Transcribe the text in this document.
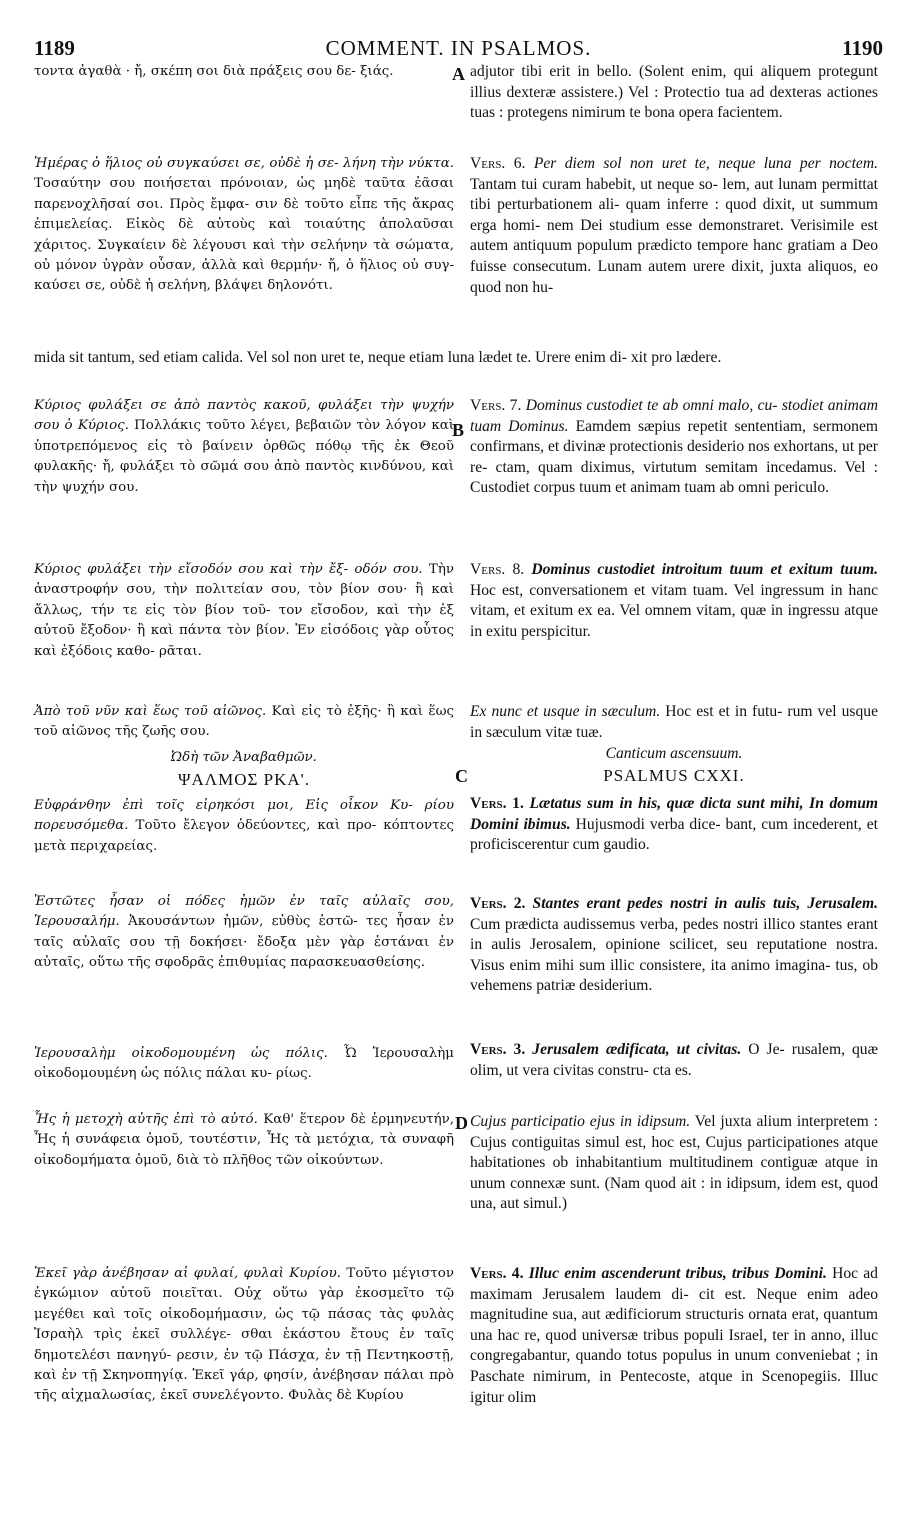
1189	COMMENT. IN PSALMOS.	1190
A
B
C
D
τοντα ἀγαθὰ · ἤ, σκέπη σοι διὰ πράξεις σου δε- ξιάς.
Ἡμέρας ὁ ἥλιος οὐ συγκαύσει σε, οὐδὲ ἡ σε- λήνη τὴν νύκτα. Τοσαύτην σου ποιήσεται πρόνοιαν, ὡς μηδὲ ταῦτα ἐᾶσαι παρενοχλῆσαί σοι. Πρὸς ἔμφα- σιν δὲ τοῦτο εἶπε τῆς ἄκρας ἐπιμελείας. Εἰκὸς δὲ αὐτοὺς καὶ τοιαύτης ἀπολαῦσαι χάριτος. Συγκαίειν δὲ λέγουσι καὶ τὴν σελήνην τὰ σώματα, οὐ μόνον ὑγρὰν οὖσαν, ἀλλὰ καὶ θερμήν· ἤ, ὁ ἥλιος οὐ συγ- καύσει σε, οὐδὲ ἡ σελήνη, βλάψει δηλονότι.
Κύριος φυλάξει σε ἀπὸ παντὸς κακοῦ, φυλάξει τὴν ψυχήν σου ὁ Κύριος. Πολλάκις τοῦτο λέγει, βεβαιῶν τὸν λόγον καὶ ὑποτρεπόμενος εἰς τὸ βαίνειν ὀρθῶς πόθῳ τῆς ἐκ Θεοῦ φυλακῆς· ἤ, φυλάξει τὸ σῶμά σου ἀπὸ παντὸς κινδύνου, καὶ τὴν ψυχήν σου.
Κύριος φυλάξει τὴν εἴσοδόν σου καὶ τὴν ἔξ- οδόν σου. Τὴν ἀναστροφήν σου, τὴν πολιτείαν σου, τὸν βίον σου· ἢ καὶ ἄλλως, τήν τε εἰς τὸν βίον τοῦ- τον εἴσοδον, καὶ τὴν ἐξ αὐτοῦ ἔξοδον· ἢ καὶ πάντα τὸν βίον. Ἐν εἰσόδοις γὰρ οὗτος καὶ ἐξόδοις καθο- ρᾶται.
Ἀπὸ τοῦ νῦν καὶ ἕως τοῦ αἰῶνος. Καὶ εἰς τὸ ἐξῆς· ἢ καὶ ἕως τοῦ αἰῶνος τῆς ζωῆς σου.
Ὠδὴ τῶν Ἀναβαθμῶν.
ΨΑΛΜΟΣ ΡΚΑ'.
Εὐφράνθην ἐπὶ τοῖς εἰρηκόσι μοι, Εἰς οἶκον Κυ- ρίου πορευσόμεθα. Τοῦτο ἔλεγον ὁδεύοντες, καὶ προ- κόπτοντες μετὰ περιχαρείας.
Ἑστῶτες ἦσαν οἱ πόδες ἡμῶν ἐν ταῖς αὐλαῖς σου, Ἱερουσαλήμ. Ἀκουσάντων ἡμῶν, εὐθὺς ἑστῶ- τες ἦσαν ἐν ταῖς αὐλαῖς σου τῇ δοκήσει· ἔδοξα μὲν γὰρ ἑστάναι ἐν αὐταῖς, οὕτω τῆς σφοδρᾶς ἐπιθυμίας παρασκευασθείσης.
Ἱερουσαλὴμ οἰκοδομουμένη ὡς πόλις. Ὦ Ἱερουσαλὴμ οἰκοδομουμένη ὡς πόλις πάλαι κυ- ρίως.
Ἧς ἡ μετοχὴ αὐτῆς ἐπὶ τὸ αὐτό. Καθ' ἕτερον δὲ ἑρμηνευτήν, Ἧς ἡ συνάφεια ὁμοῦ, τουτέστιν, Ἧς τὰ μετόχια, τὰ συναφῆ οἰκοδομήματα ὁμοῦ, διὰ τὸ πλῆθος τῶν οἰκούντων.
Ἐκεῖ γὰρ ἀνέβησαν αἱ φυλαί, φυλαὶ Κυρίου. Τοῦτο μέγιστον ἐγκώμιον αὐτοῦ ποιεῖται. Οὐχ οὕτω γὰρ ἐκοσμεῖτο τῷ μεγέθει καὶ τοῖς οἰκοδομήμασιν, ὡς τῷ πάσας τὰς φυλὰς Ἰσραὴλ τρὶς ἐκεῖ συλλέγε- σθαι ἑκάστου ἔτους ἐν ταῖς δημοτελέσι πανηγύ- ρεσιν, ἐν τῷ Πάσχα, ἐν τῇ Πεντηκοστῇ, καὶ ἐν τῇ Σκηνοπηγίᾳ. Ἐκεῖ γάρ, φησίν, ἀνέβησαν πάλαι πρὸ τῆς αἰχμαλωσίας, ἐκεῖ συνελέγοντο. Φυλὰς δὲ Κυρίου
adjutor tibi erit in bello. (Solent enim, qui aliquem protegunt illius dexteræ assistere.) Vel : Protectio tua ad dexteras actiones tuas : protegens nimirum te bona opera facientem.
Vers. 6. Per diem sol non uret te, neque luna per noctem. Tantam tui curam habebit, ut neque so- lem, aut lunam permittat tibi perturbationem ali- quam inferre : quod dixit, ut summum erga homi- nem Dei studium esse demonstraret. Verisimile est autem antiquum populum prædicto tempore hanc gratiam a Deo fuisse consecutum. Lunam autem urere dixit, juxta aliquos, eo quod non hu-
Vers. 7. Dominus custodiet te ab omni malo, cu- stodiet animam tuam Dominus. Eamdem sæpius repetit sententiam, sermonem confirmans, et divinæ protectionis desiderio nos exhortans, ut per re- ctam, quam diximus, virtutum semitam incedamus. Vel : Custodiet corpus tuum et animam tuam ab omni periculo.
Vers. 8. Dominus custodiet introitum tuum et exitum tuum. Hoc est, conversationem et vitam tuam. Vel ingressum in hanc vitam, et exitum ex ea. Vel omnem vitam, quæ in ingressu atque in exitu perspicitur.
Ex nunc et usque in sæculum. Hoc est et in futu- rum vel usque in sæculum vitæ tuæ.
Canticum ascensuum.
PSALMUS CXXI.
Vers. 1. Lætatus sum in his, quæ dicta sunt mihi, In domum Domini ibimus. Hujusmodi verba dice- bant, cum incederent, et proficiscerentur cum gaudio.
Vers. 2. Stantes erant pedes nostri in aulis tuis, Jerusalem. Cum prædicta audissemus verba, pedes nostri illico stantes erant in aulis Jerosalem, opinione scilicet, seu reputatione nostra. Visus enim mihi sum illic consistere, ita animo imagina- tus, ob vehemens patriæ desiderium.
Vers. 3. Jerusalem ædificata, ut civitas. O Je- rusalem, quæ olim, ut vera civitas constru- cta es.
Cujus participatio ejus in idipsum. Vel juxta alium interpretem : Cujus contiguitas simul est, hoc est, Cujus participationes atque habitationes ob inhabitantium multitudinem contiguæ atque in unum connexæ sunt. (Nam quod ait : in idipsum, idem est, quod una, aut simul.)
Vers. 4. Illuc enim ascenderunt tribus, tribus Domini. Hoc ad maximam Jerusalem laudem di- cit est. Neque enim adeo magnitudine sua, aut ædificiorum structuris ornata erat, quantum una hac re, quod universæ tribus populi Israel, ter in anno, illuc congregabantur, quando totus populus in unum conveniebat ; in Paschate nimirum, in Pentecoste, atque in Scenopegiis. Illuc igitur olim
mida sit tantum, sed etiam calida. Vel sol non uret te, neque etiam luna lædet te. Urere enim di- xit pro lædere.
